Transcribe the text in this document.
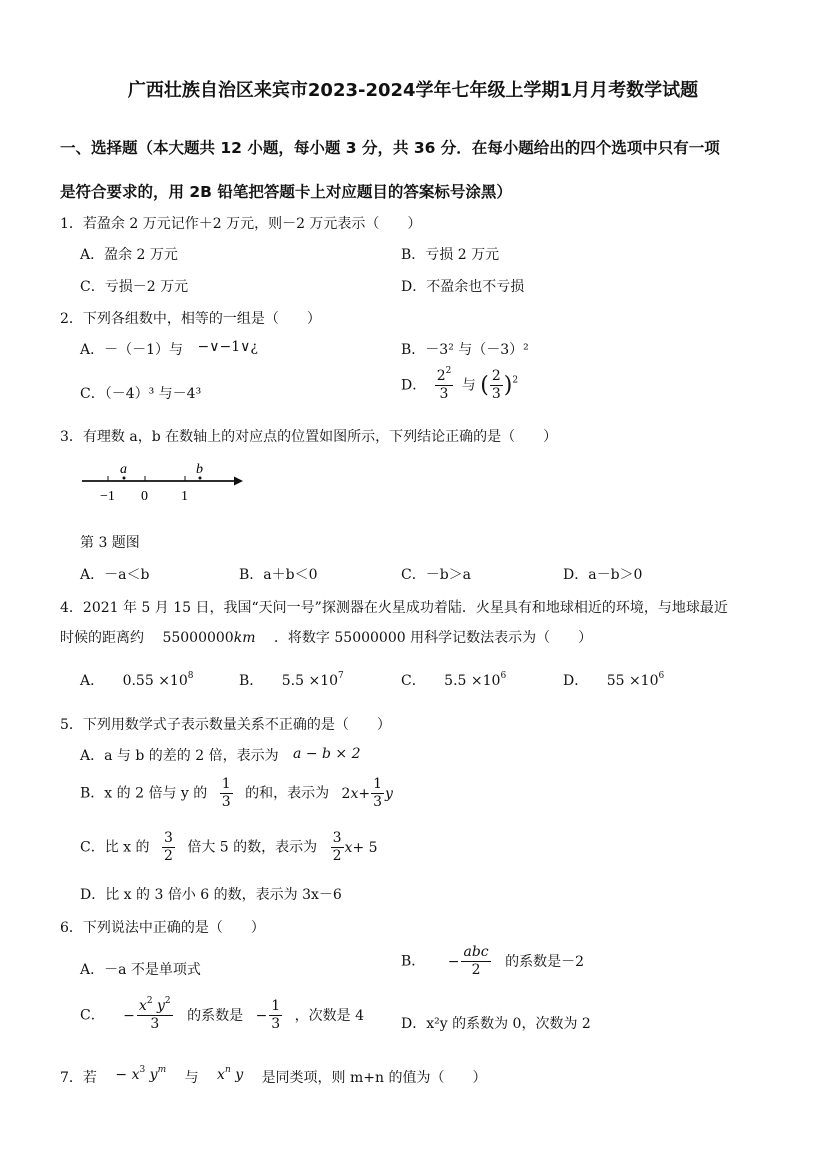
广西壮族自治区来宾市2023-2024学年七年级上学期1月月考数学试题
一、选择题（本大题共 12 小题，每小题 3 分，共 36 分．在每小题给出的四个选项中只有一项
是符合要求的，用 2B 铅笔把答题卡上对应题目的答案标号涂黑）
1．若盈余 2 万元记作＋2 万元，则－2 万元表示（　　）
A．盈余 2 万元	B．亏损 2 万元
C．亏损－2 万元	D．不盈余也不亏损
2．下列各组数中，相等的一组是（　　）
A．－（－1）与 −∨−1∨¿	B．－3² 与（－3）²
C．（－4）³ 与－4³
D． $\frac{2^2}{3}$ 与 ( $\frac{2}{3} )^2$
3．有理数 a，b 在数轴上的对应点的位置如图所示，下列结论正确的是（　　）
a	b
−1 0 1
第 3 题图
A．－a＜b	B．a＋b＜0	C．－b＞a	D．a－b＞0
4．2021 年 5 月 15 日，我国“天问一号”探测器在火星成功着陆．火星具有和地球相近的环境，与地球最近
时候的距离约 55000000km ．将数字 55000000 用科学记数法表示为（　　）
A． $0.55 \times 10^8$	B． $5.5 \times 10^7$	C． $5.5 \times 10^6$	D． $55 \times 10^6$
5．下列用数学式子表示数量关系不正确的是（　　）
A．a 与 b 的差的 2 倍，表示为 a − b × 2
B．x 的 2 倍与 y 的 $\frac{1}{3}$ 的和，表示为 $2x+ \frac{1}{3}$ y
C．比 x 的 $\frac{3}{2}$ 倍大 5 的数，表示为 $\frac{3}{2} x+ 5$
D．比 x 的 3 倍小 6 的数，表示为 3x－6
6．下列说法中正确的是（　　）
A．－a 不是单项式
B． − $\frac{\text{abc}}{2}$ 的系数是－2
C． − $\frac{x^2 y^2}{3}$ 的系数是 − $\frac{1}{3}$ ，次数是 4
D．x²y 的系数为 0，次数为 2
7．若 − $x^3$ $y^m$ 与 $x^n$ y 是同类项，则 m+n 的值为（　　）
